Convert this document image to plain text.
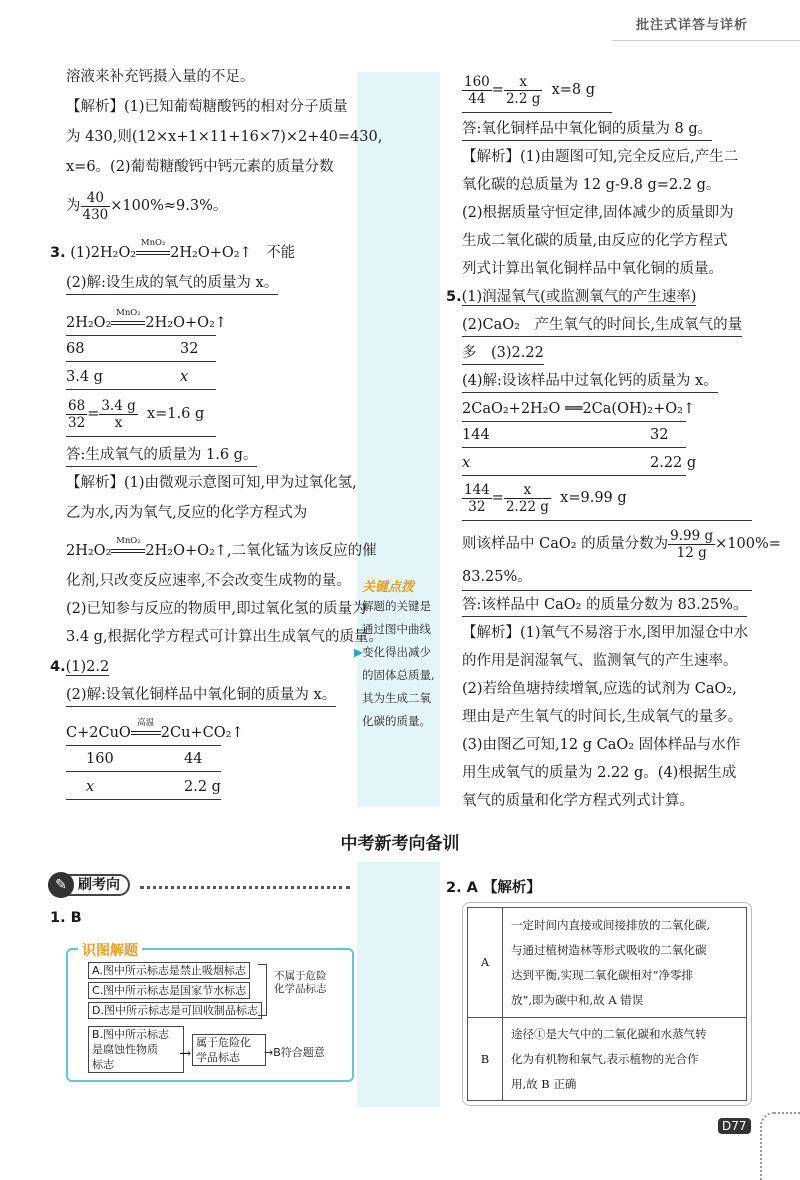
批注式详答与详析
溶液来补充钙摄入量的不足。
【解析】(1)已知葡萄糖酸钙的相对分子质量
为 430,则(12×x+1×11+16×7)×2+40=430,
x=6。(2)葡萄糖酸钙中钙元素的质量分数
为 $\frac{40}{430} \times 100\%\approx 9.3\%$。
3. (1)2H₂O₂
MnO₂
2H₂O+O₂↑　不能
(2)解:设生成的氧气的质量为 x。
2H₂O₂
MnO₂
2H₂O+O₂↑
68	32
3.4 g	x
$\frac{68}{32} = \frac{3.4 g}{x} x=1.6$ g
答:生成氧气的质量为 1.6 g。
【解析】(1)由微观示意图可知,甲为过氧化氢,
乙为水,丙为氧气,反应的化学方程式为
2H₂O₂
MnO₂
2H₂O+O₂↑,二氧化锰为该反应的催
化剂,只改变反应速率,不会改变生成物的量。
(2)已知参与反应的物质甲,即过氧化氢的质量为
3.4 g,根据化学方程式可计算出生成氧气的质量。
4.(1)2.2
(2)解:设氧化铜样品中氧化铜的质量为 x。
C+2CuO
高温
2Cu+CO₂↑
160	44
x	2.2 g
关键点拨
解题的关键是
通过图中曲线
▶ 变化得出减少
的固体总质量,
其为生成二氧
化碳的质量。
$\frac{160}{44} = \frac{x}{2.2 g} x=8$ g
答:氧化铜样品中氧化铜的质量为 8 g。
【解析】(1)由题图可知,完全反应后,产生二
氧化碳的总质量为 12 g-9.8 g=2.2 g。
(2)根据质量守恒定律,固体减少的质量即为
生成二氧化碳的质量,由反应的化学方程式
列式计算出氧化铜样品中氧化铜的质量。
5.(1)润湿氧气(或监测氧气的产生速率)
(2)CaO₂　产生氧气的时间长,生成氧气的量
多　(3)2.22
(4)解:设该样品中过氧化钙的质量为 x。
2CaO₂+2H₂O ══2Ca(OH)₂+O₂↑
144	32
x	2.22 g
$\frac{144}{32} = \frac{x}{2.22 g} x=9.99$ g
则该样品中 CaO₂ 的质量分数为 $\frac{9.99 g}{12 g} \times 100\%=$
83.25%。
答:该样品中 CaO₂ 的质量分数为 83.25%。
【解析】(1)氧气不易溶于水,图甲加湿仓中水
的作用是润湿氧气、监测氧气的产生速率。
(2)若给鱼塘持续增氧,应选的试剂为 CaO₂,
理由是产生氧气的时间长,生成氧气的量多。
(3)由图乙可知,12 g CaO₂ 固体样品与水作
用生成氧气的质量为 2.22 g。(4)根据生成
氧气的质量和化学方程式列式计算。
中考新考向备训
✎ 刷考向
1. B
识图解题
A.图中所示标志是禁止吸烟标志
C.图中所示标志是国家节水标志
D.图中所示标志是可回收制品标志
不属于危险化学品标志
B.图中所示标志
是腐蚀性物质
标志
→
属于危险化
学品标志	→B符合题意
2. A 【解析】
A	一定时间内直接或间接排放的二氧化碳,
与通过植树造林等形式吸收的二氧化碳
达到平衡,实现二氧化碳相对“净零排
放”,即为碳中和,故 A 错误

B	途径①是大气中的二氧化碳和水蒸气转
化为有机物和氧气,表示植物的光合作
用,故 B 正确
D77
